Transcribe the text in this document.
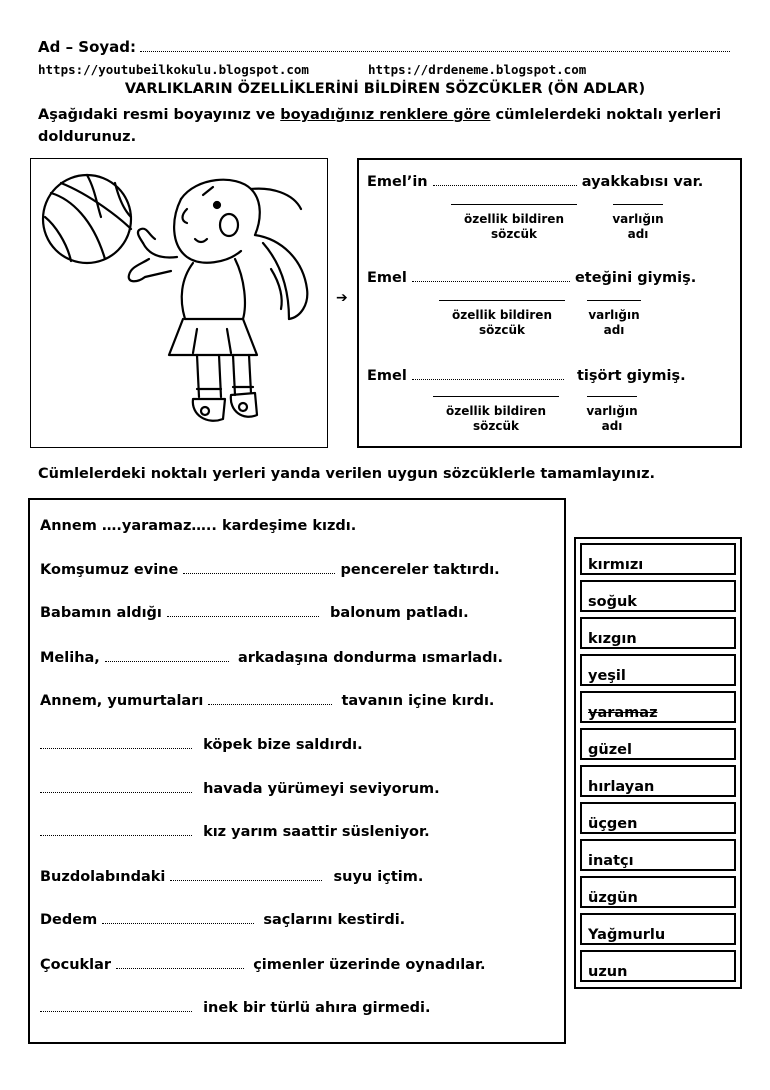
Ad – Soyad:
https://youtubeilkokulu.blogspot.com	https://drdeneme.blogspot.com
VARLIKLARIN ÖZELLİKLERİNİ BİLDİREN SÖZCÜKLER (ÖN ADLAR)
Aşağıdaki resmi boyayınız ve boyadığınız renklere göre cümlelerdeki noktalı yerleri doldurunuz.
➔
Emel’in	ayakkabısı var.
özellik bildiren sözcük
varlığın adı
Emel	eteğini giymiş.
özellik bildiren sözcük
varlığın adı
Emel	tişört giymiş.
özellik bildiren sözcük
varlığın adı
Cümlelerdeki noktalı yerleri yanda verilen uygun sözcüklerle tamamlayınız.
Annem ….yaramaz….. kardeşime kızdı.
Komşumuz evine	pencereler taktırdı.
Babamın aldığı	balonum patladı.
Meliha,	arkadaşına dondurma ısmarladı.
Annem, yumurtaları	tavanın içine kırdı.
köpek bize saldırdı.
havada yürümeyi seviyorum.
kız yarım saattir süsleniyor.
Buzdolabındaki	suyu içtim.
Dedem	saçlarını kestirdi.
Çocuklar	çimenler üzerinde oynadılar.
inek bir türlü ahıra girmedi.
kırmızı
soğuk
kızgın
yeşil
yaramaz
güzel
hırlayan
üçgen
inatçı
üzgün
Yağmurlu
uzun
